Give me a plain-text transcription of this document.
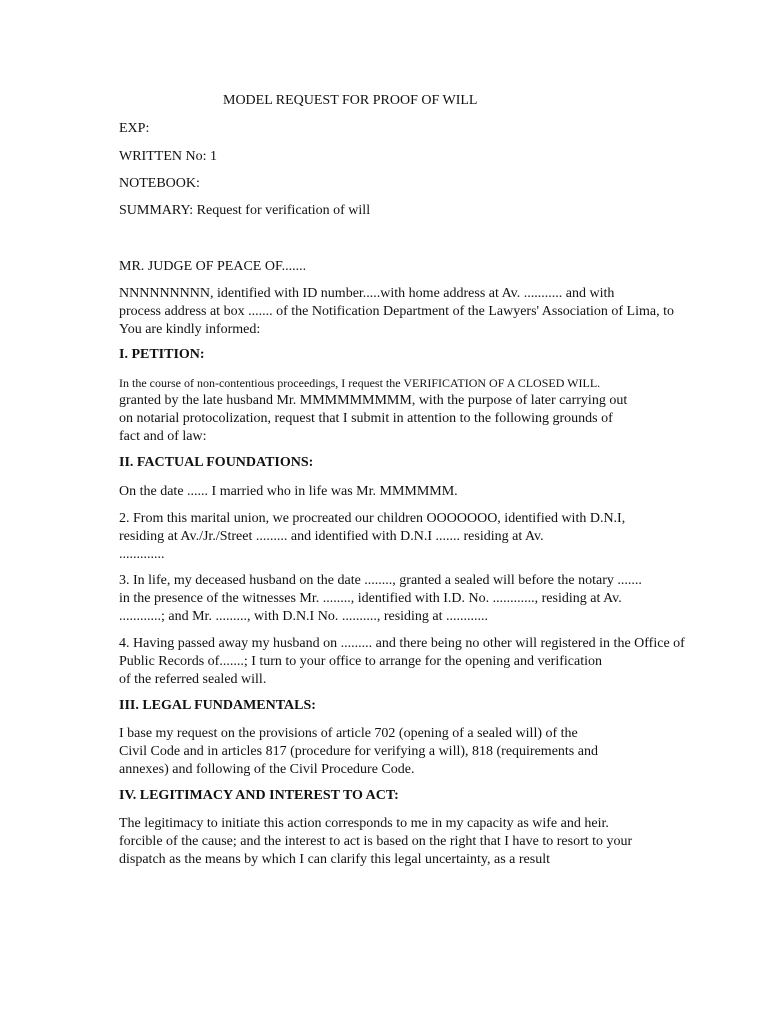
MODEL REQUEST FOR PROOF OF WILL
EXP:
WRITTEN No: 1
NOTEBOOK:
SUMMARY: Request for verification of will
MR. JUDGE OF PEACE OF.......
NNNNNNNNN, identified with ID number.....with home address at Av. ........... and with
process address at box ....... of the Notification Department of the Lawyers' Association of Lima, to
You are kindly informed:
I. PETITION:
In the course of non-contentious proceedings, I request the VERIFICATION OF A CLOSED WILL.
granted by the late husband Mr. MMMMMMMMM, with the purpose of later carrying out
on notarial protocolization, request that I submit in attention to the following grounds of
fact and of law:
II. FACTUAL FOUNDATIONS:
On the date ...... I married who in life was Mr. MMMMMM.
2. From this marital union, we procreated our children OOOOOOO, identified with D.N.I,
residing at Av./Jr./Street ......... and identified with D.N.I ....... residing at Av.
.............
3. In life, my deceased husband on the date ........, granted a sealed will before the notary .......
in the presence of the witnesses Mr. ........, identified with I.D. No. ............, residing at Av.
............; and Mr. ........., with D.N.I No. .........., residing at ............
4. Having passed away my husband on ......... and there being no other will registered in the Office of
Public Records of.......; I turn to your office to arrange for the opening and verification
of the referred sealed will.
III. LEGAL FUNDAMENTALS:
I base my request on the provisions of article 702 (opening of a sealed will) of the
Civil Code and in articles 817 (procedure for verifying a will), 818 (requirements and
annexes) and following of the Civil Procedure Code.
IV. LEGITIMACY AND INTEREST TO ACT:
The legitimacy to initiate this action corresponds to me in my capacity as wife and heir.
forcible of the cause; and the interest to act is based on the right that I have to resort to your
dispatch as the means by which I can clarify this legal uncertainty, as a result
